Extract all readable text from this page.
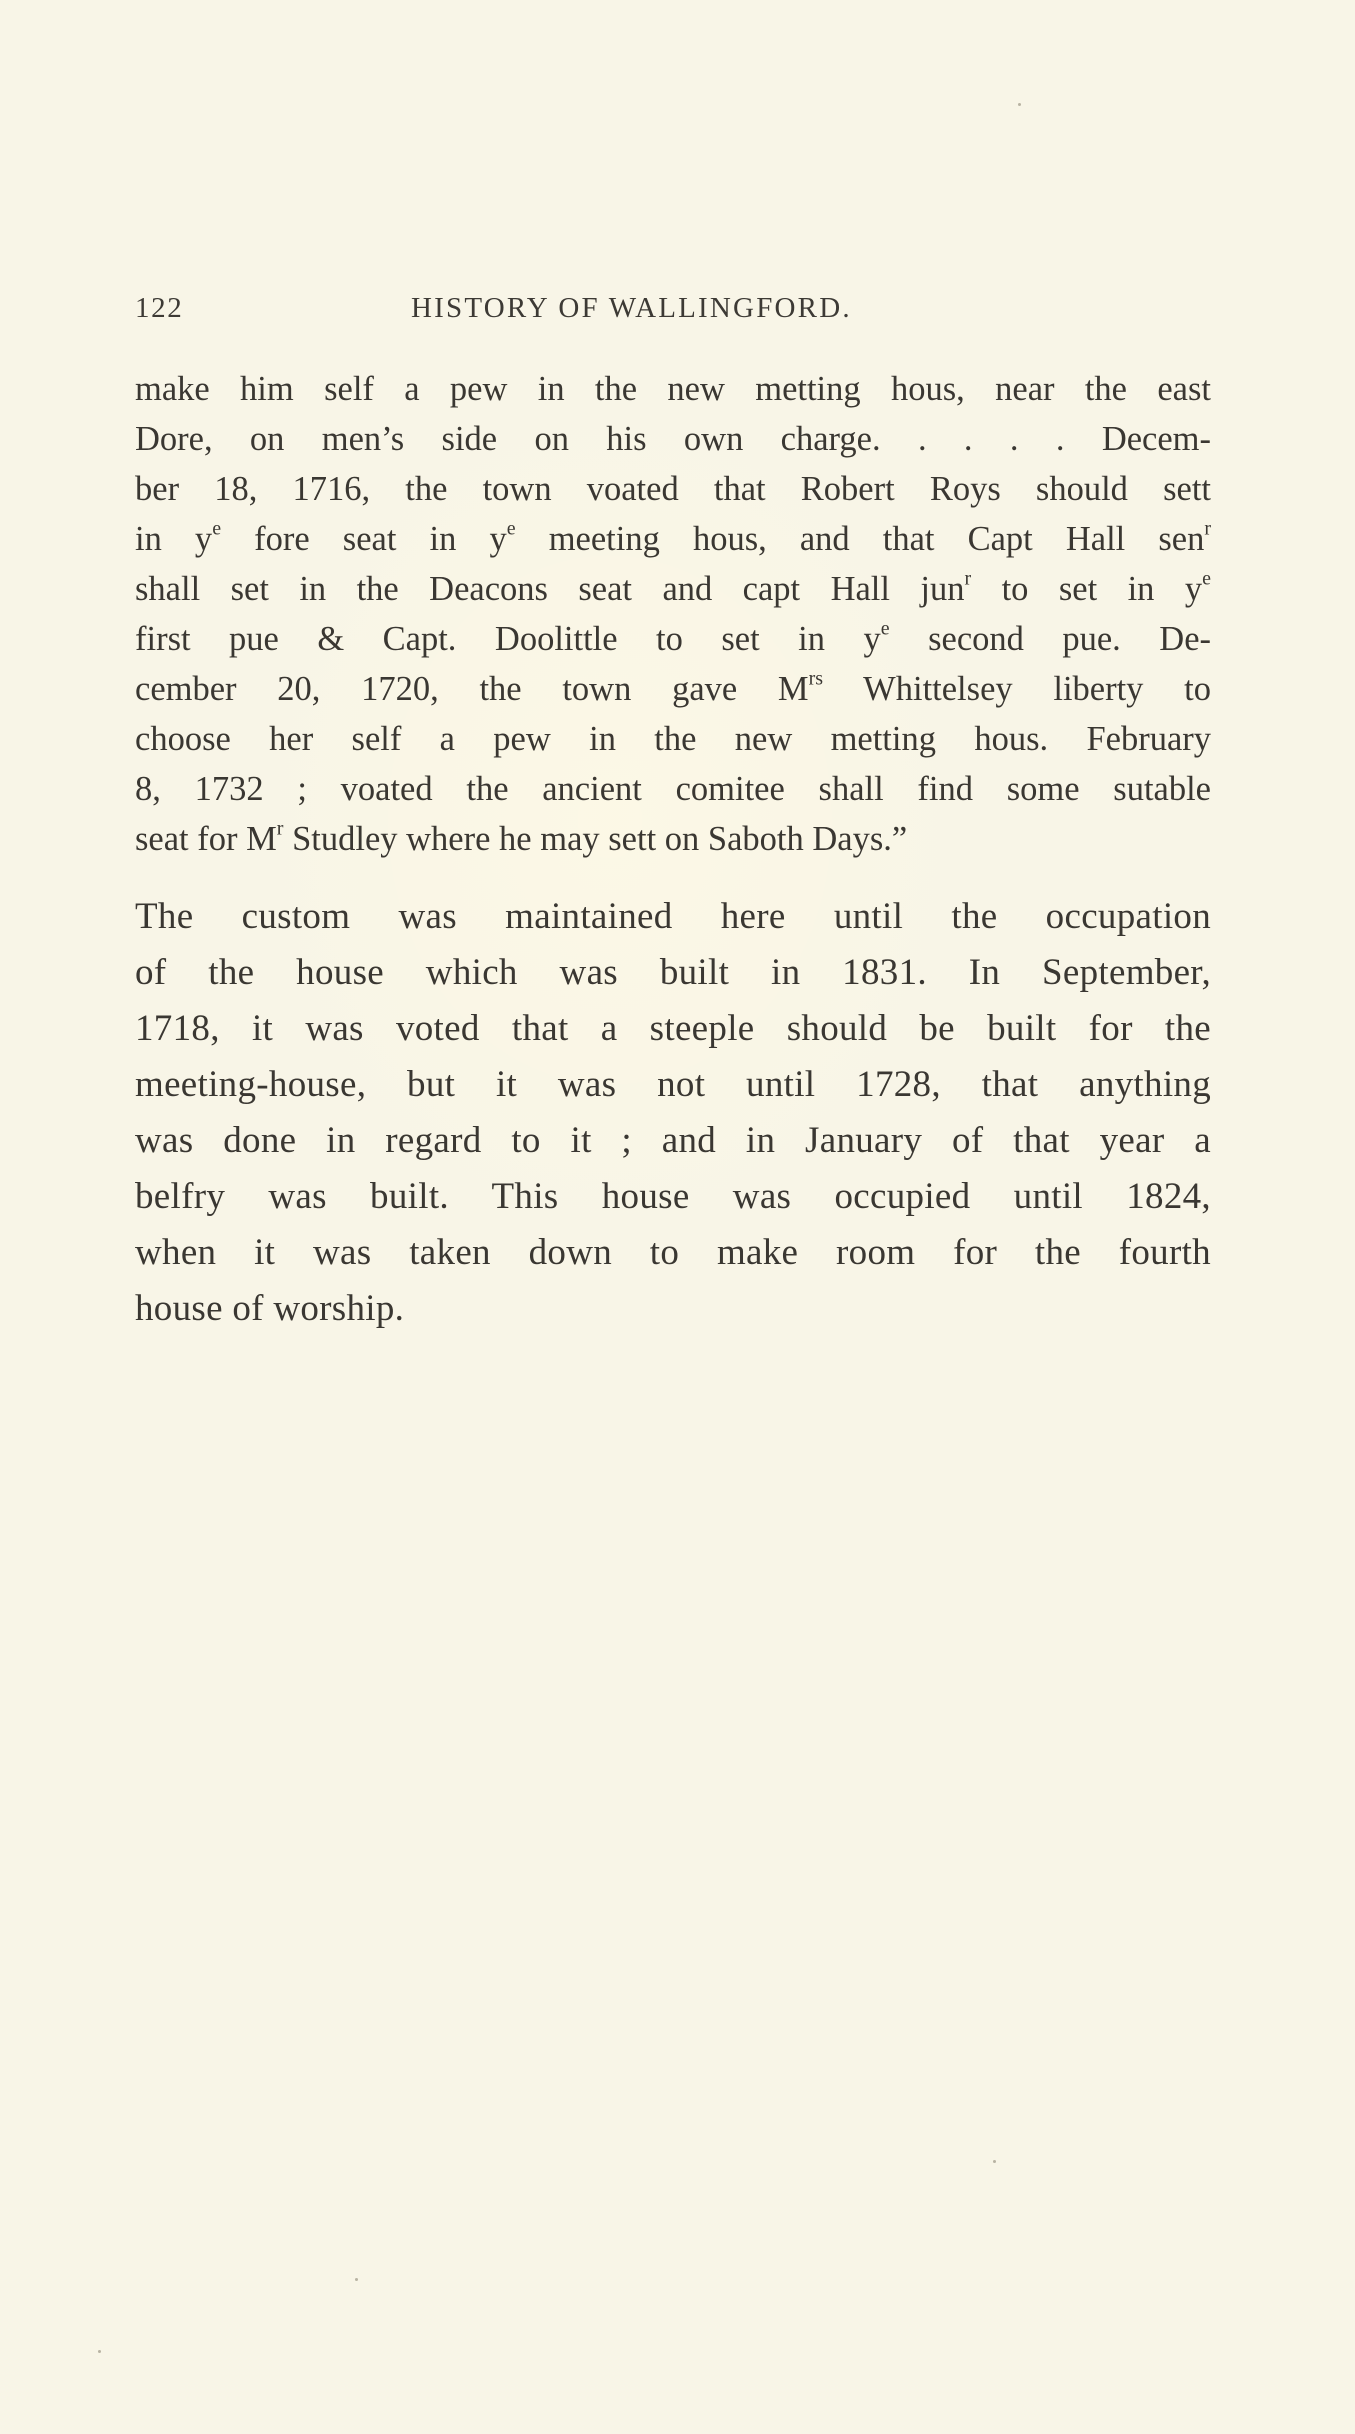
122	HISTORY OF WALLINGFORD.
make him self a pew in the new metting hous, near the east
Dore, on men’s side on his own charge. . . . . Decem-
ber 18, 1716, the town voated that Robert Roys should sett
in $y^e$ fore seat in $y^e$ meeting hous, and that Capt Hall sen$^r$
shall set in the Deacons seat and capt Hall jun$^r$ to set in $y^e$
first pue & Capt. Doolittle to set in $y^e$ second pue. De-
cember 20, 1720, the town gave $M^{rs}$ Whittelsey liberty to
choose her self a pew in the new metting hous. February
8, 1732 ; voated the ancient comitee shall find some sutable
seat for $M^r$ Studley where he may sett on Saboth Days.”
The custom was maintained here until the occupation
of the house which was built in 1831. In September,
1718, it was voted that a steeple should be built for the
meeting-house, but it was not until 1728, that anything
was done in regard to it ; and in January of that year a
belfry was built. This house was occupied until 1824,
when it was taken down to make room for the fourth
house of worship.
